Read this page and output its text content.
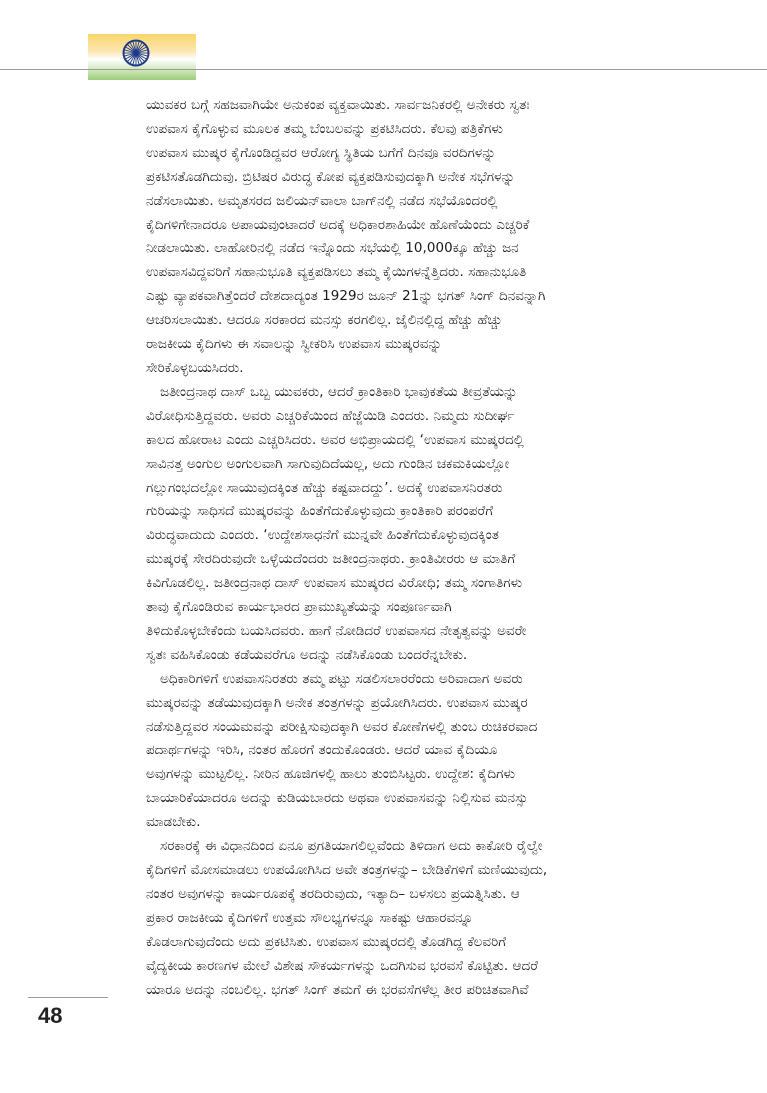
ಯುವಕರ ಬಗ್ಗೆ ಸಹಜವಾಗಿಯೇ ಅನುಕಂಪ ವ್ಯಕ್ತವಾಯಿತು. ಸಾರ್ವಜನಿಕರಲ್ಲಿ ಅನೇಕರು ಸ್ವತಃ
ಉಪವಾಸ ಕೈಗೊಳ್ಳುವ ಮೂಲಕ ತಮ್ಮ ಬೆಂಬಲವನ್ನು ಪ್ರಕಟಿಸಿದರು. ಕೆಲವು ಪತ್ರಿಕೆಗಳು
ಉಪವಾಸ ಮುಷ್ಕರ ಕೈಗೊಂಡಿದ್ದವರ ಆರೋಗ್ಯ ಸ್ಥಿತಿಯ ಬಗೆಗೆ ದಿನವೂ ವರದಿಗಳನ್ನು
ಪ್ರಕಟಿಸತೊಡಗಿದುವು. ಬ್ರಿಟಿಷರ ವಿರುದ್ಧ ಕೋಪ ವ್ಯಕ್ತಪಡಿಸುವುದಕ್ಕಾಗಿ ಅನೇಕ ಸಭೆಗಳನ್ನು
ನಡೆಸಲಾಯಿತು. ಅಮೃತಸರದ ಜಲಿಯನ್‌ವಾಲಾ ಬಾಗ್‌ನಲ್ಲಿ ನಡೆದ ಸಭೆಯೊಂದರಲ್ಲಿ
ಕೈದಿಗಳಿಗೇನಾದರೂ ಅಪಾಯವುಂಟಾದರೆ ಅದಕ್ಕೆ ಅಧಿಕಾರಶಾಹಿಯೇ ಹೊಣೆಯೆಂದು ಎಚ್ಚರಿಕೆ
ನೀಡಲಾಯಿತು. ಲಾಹೋರಿನಲ್ಲಿ ನಡೆದ ಇನ್ನೊಂದು ಸಭೆಯಲ್ಲಿ 10,000ಕ್ಕೂ ಹೆಚ್ಚು ಜನ
ಉಪವಾಸವಿದ್ದವರಿಗೆ ಸಹಾನುಭೂತಿ ವ್ಯಕ್ತಪಡಿಸಲು ತಮ್ಮ ಕೈಯಿಗಳನ್ನೆತ್ತಿದರು. ಸಹಾನುಭೂತಿ
ಎಷ್ಟು ವ್ಯಾಪಕವಾಗಿತ್ತೆಂದರೆ ದೇಶದಾದ್ಯಂತ 1929ರ ಜೂನ್ 21ನ್ನು ಭಗತ್ ಸಿಂಗ್ ದಿನವನ್ನಾಗಿ
ಆಚರಿಸಲಾಯಿತು. ಆದರೂ ಸರಕಾರದ ಮನಸ್ಸು ಕರಗಲಿಲ್ಲ. ಜೈಲಿನಲ್ಲಿದ್ದ ಹೆಚ್ಚು ಹೆಚ್ಚು
ರಾಜಕೀಯ ಕೈದಿಗಳು ಈ ಸವಾಲನ್ನು ಸ್ವೀಕರಿಸಿ ಉಪವಾಸ ಮುಷ್ಕರವನ್ನು
ಸೇರಿಕೊಳ್ಳಬಯಸಿದರು.
ಜತೀಂದ್ರನಾಥ ದಾಸ್ ಒಬ್ಬ ಯುವಕರು, ಆದರೆ ಕ್ರಾಂತಿಕಾರಿ ಭಾವುಕತೆಯ ತೀವ್ರತೆಯನ್ನು
ವಿರೋಧಿಸುತ್ತಿದ್ದವರು. ಅವರು ಎಚ್ಚರಿಕೆಯಿಂದ ಹೆಜ್ಜೆಯಿಡಿ ಎಂದರು. ನಿಮ್ಮದು ಸುದೀರ್ಘ
ಕಾಲದ ಹೋರಾಟ ಎಂದು ಎಚ್ಚರಿಸಿದರು. ಅವರ ಅಭಿಪ್ರಾಯದಲ್ಲಿ ‘ಉಪವಾಸ ಮುಷ್ಕರದಲ್ಲಿ
ಸಾವಿನತ್ತ ಅಂಗುಲ ಅಂಗುಲವಾಗಿ ಸಾಗುವುದಿದೆಯಲ್ಲ, ಅದು ಗುಂಡಿನ ಚಕಮಕಿಯಲ್ಲೋ
ಗಲ್ಲುಗಂಭದಲ್ಲೋ ಸಾಯುವುದಕ್ಕಿಂತ ಹೆಚ್ಚು ಕಷ್ಟವಾದದ್ದು’. ಅದಕ್ಕೆ ಉಪವಾಸನಿರತರು
ಗುರಿಯನ್ನು ಸಾಧಿಸದೆ ಮುಷ್ಕರವನ್ನು ಹಿಂತೆಗೆದುಕೊಳ್ಳುವುದು ಕ್ರಾಂತಿಕಾರಿ ಪರಂಪರೆಗೆ
ವಿರುದ್ಧವಾದುದು ಎಂದರು. ‘ಉದ್ದೇಶಸಾಧನೆಗೆ ಮುನ್ನವೇ ಹಿಂತೆಗೆದುಕೊಳ್ಳುವುದಕ್ಕಿಂತ
ಮುಷ್ಕರಕ್ಕೆ ಸೇರದಿರುವುದೇ ಒಳ್ಳೆಯದೆಂದರು ಜತೀಂದ್ರನಾಥರು. ಕ್ರಾಂತಿವೀರರು ಆ ಮಾತಿಗೆ
ಕಿವಿಗೊಡಲಿಲ್ಲ. ಜತೀಂದ್ರನಾಥ ದಾಸ್ ಉಪವಾಸ ಮುಷ್ಕರದ ವಿರೋಧಿ; ತಮ್ಮ ಸಂಗಾತಿಗಳು
ತಾವು ಕೈಗೊಂಡಿರುವ ಕಾರ್ಯಭಾರದ ಪ್ರಾಮುಖ್ಯತೆಯನ್ನು ಸಂಪೂರ್ಣವಾಗಿ
ತಿಳಿದುಕೊಳ್ಳಬೇಕೆಂದು ಬಯಸಿದವರು. ಹಾಗೆ ನೋಡಿದರೆ ಉಪವಾಸದ ನೇತೃತ್ವವನ್ನು ಅವರೇ
ಸ್ವತಃ ವಹಿಸಿಕೊಂಡು ಕಡೆಯವರೆಗೂ ಅದನ್ನು ನಡೆಸಿಕೊಂಡು ಬಂದರೆನ್ನಬೇಕು.
ಅಧಿಕಾರಿಗಳಿಗೆ ಉಪವಾಸನಿರತರು ತಮ್ಮ ಪಟ್ಟು ಸಡಲಿಸಲಾರರೆಂದು ಅರಿವಾದಾಗ ಅವರು
ಮುಷ್ಕರವನ್ನು ತಡೆಯುವುದಕ್ಕಾಗಿ ಅನೇಕ ತಂತ್ರಗಳನ್ನು ಪ್ರಯೋಗಿಸಿದರು. ಉಪವಾಸ ಮುಷ್ಕರ
ನಡೆಸುತ್ತಿದ್ದವರ ಸಂಯಮವನ್ನು ಪರೀಕ್ಷಿಸುವುದಕ್ಕಾಗಿ ಅವರ ಕೋಣೆಗಳಲ್ಲಿ ತುಂಬ ರುಚಿಕರವಾದ
ಪದಾರ್ಥಗಳನ್ನು ಇರಿಸಿ, ನಂತರ ಹೊರಗೆ ತಂದುಕೊಂಡರು. ಆದರೆ ಯಾವ ಕೈದಿಯೂ
ಅವುಗಳನ್ನು ಮುಟ್ಟಲಿಲ್ಲ. ನೀರಿನ ಹೂಜಿಗಳಲ್ಲಿ ಹಾಲು ತುಂಬಿಸಿಟ್ಟರು. ಉದ್ದೇಶ: ಕೈದಿಗಳು
ಬಾಯಾರಿಕೆಯಾದರೂ ಅದನ್ನು ಕುಡಿಯಬಾರದು ಅಥವಾ ಉಪವಾಸವನ್ನು ನಿಲ್ಲಿಸುವ ಮನಸ್ಸು
ಮಾಡಬೇಕು.
ಸರಕಾರಕ್ಕೆ ಈ ವಿಧಾನದಿಂದ ಏನೂ ಪ್ರಗತಿಯಾಗಲಿಲ್ಲವೆಂದು ತಿಳಿದಾಗ ಅದು ಕಾಕೋರಿ ರೈಲ್ವೇ
ಕೈದಿಗಳಿಗೆ ಮೋಸಮಾಡಲು ಉಪಯೋಗಿಸಿದ ಅವೇ ತಂತ್ರಗಳನ್ನು– ಬೇಡಿಕೆಗಳಿಗೆ ಮಣಿಯುವುದು,
ನಂತರ ಅವುಗಳನ್ನು ಕಾರ್ಯರೂಪಕ್ಕೆ ತರದಿರುವುದು, ಇತ್ಯಾದಿ– ಬಳಸಲು ಪ್ರಯತ್ನಿಸಿತು. ಆ
ಪ್ರಕಾರ ರಾಜಕೀಯ ಕೈದಿಗಳಿಗೆ ಉತ್ತಮ ಸೌಲಭ್ಯಗಳನ್ನೂ ಸಾಕಷ್ಟು ಆಹಾರವನ್ನೂ
ಕೊಡಲಾಗುವುದೆಂದು ಅದು ಪ್ರಕಟಿಸಿತು. ಉಪವಾಸ ಮುಷ್ಕರದಲ್ಲಿ ತೊಡಗಿದ್ದ ಕೆಲವರಿಗೆ
ವೈದ್ಯಕೀಯ ಕಾರಣಗಳ ಮೇಲೆ ವಿಶೇಷ ಸೌಕರ್ಯಗಳನ್ನು ಒದಗಿಸುವ ಭರವಸೆ ಕೊಟ್ಟಿತು. ಆದರೆ
ಯಾರೂ ಅದನ್ನು ನಂಬಲಿಲ್ಲ. ಭಗತ್ ಸಿಂಗ್ ತಮಗೆ ಈ ಭರವಸೆಗಳೆಲ್ಲ ತೀರ ಪರಿಚಿತವಾಗಿವೆ
48
